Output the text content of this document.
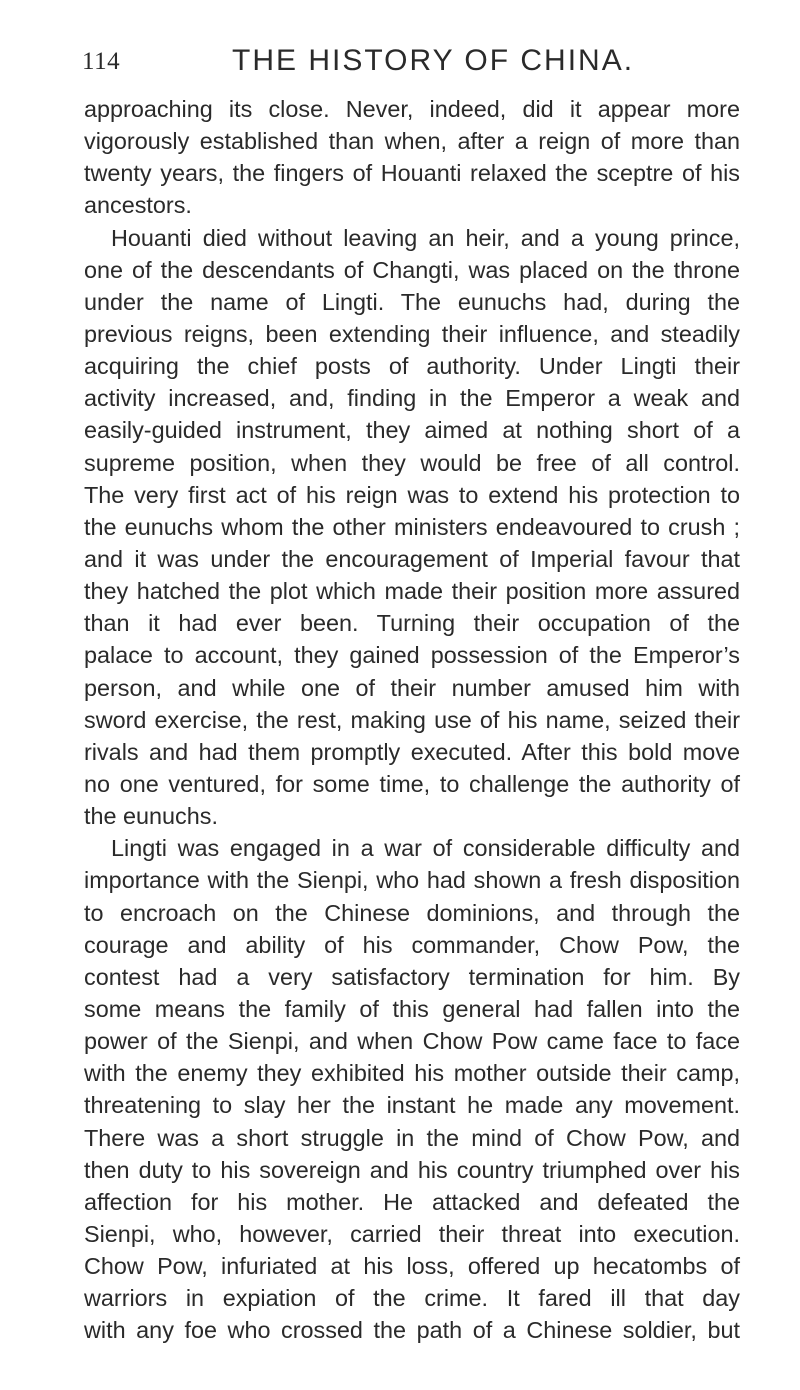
114	THE HISTORY OF CHINA.
approaching its close. Never, indeed, did it appear more
vigorously established than when, after a reign of more than
twenty years, the fingers of Houanti relaxed the sceptre of his
ancestors.
Houanti died without leaving an heir, and a young prince,
one of the descendants of Changti, was placed on the throne
under the name of Lingti. The eunuchs had, during the
previous reigns, been extending their influence, and steadily
acquiring the chief posts of authority. Under Lingti their
activity increased, and, finding in the Emperor a weak and
easily-guided instrument, they aimed at nothing short of a
supreme position, when they would be free of all control.
The very first act of his reign was to extend his protection to
the eunuchs whom the other ministers endeavoured to crush ;
and it was under the encouragement of Imperial favour that
they hatched the plot which made their position more assured
than it had ever been. Turning their occupation of the
palace to account, they gained possession of the Emperor’s
person, and while one of their number amused him with
sword exercise, the rest, making use of his name, seized their
rivals and had them promptly executed. After this bold move
no one ventured, for some time, to challenge the authority of
the eunuchs.
Lingti was engaged in a war of considerable difficulty and
importance with the Sienpi, who had shown a fresh disposition
to encroach on the Chinese dominions, and through the
courage and ability of his commander, Chow Pow, the
contest had a very satisfactory termination for him. By
some means the family of this general had fallen into the
power of the Sienpi, and when Chow Pow came face to face
with the enemy they exhibited his mother outside their camp,
threatening to slay her the instant he made any movement.
There was a short struggle in the mind of Chow Pow, and
then duty to his sovereign and his country triumphed over his
affection for his mother. He attacked and defeated the
Sienpi, who, however, carried their threat into execution.
Chow Pow, infuriated at his loss, offered up hecatombs of
warriors in expiation of the crime. It fared ill that day
with any foe who crossed the path of a Chinese soldier, but
